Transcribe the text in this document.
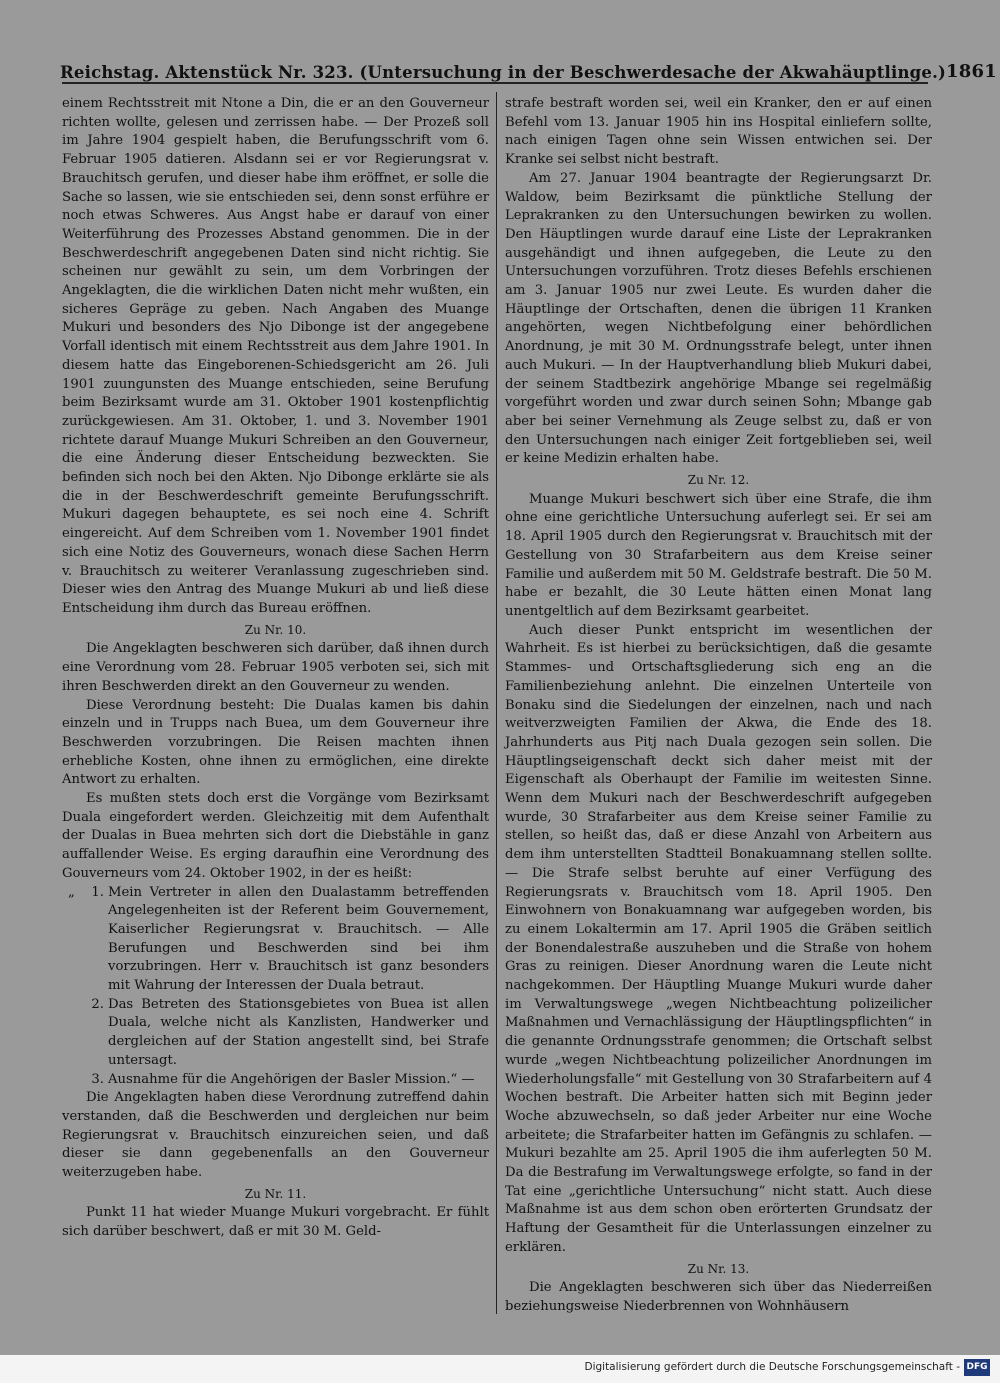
Reichstag. Aktenstück Nr. 323. (Untersuchung in der Beschwerdesache der Akwahäuptlinge.) 1861

einem Rechtsstreit mit Ntone a Din, die er an den Gouverneur richten wollte, gelesen und zerrissen habe. — Der Prozeß soll im Jahre 1904 gespielt haben, die Berufungsschrift vom 6. Februar 1905 datieren. Alsdann sei er vor Regierungsrat v. Brauchitsch gerufen, und dieser habe ihm eröffnet, er solle die Sache so lassen, wie sie entschieden sei, denn sonst erführe er noch etwas Schweres. Aus Angst habe er darauf von einer Weiterführung des Prozesses Abstand genommen. Die in der Beschwerdeschrift angegebenen Daten sind nicht richtig. Sie scheinen nur gewählt zu sein, um dem Vorbringen der Angeklagten, die die wirklichen Daten nicht mehr wußten, ein sicheres Gepräge zu geben. Nach Angaben des Muange Mukuri und besonders des Njo Dibonge ist der angegebene Vorfall identisch mit einem Rechtsstreit aus dem Jahre 1901. In diesem hatte das Eingeborenen-Schiedsgericht am 26. Juli 1901 zuungunsten des Muange entschieden, seine Berufung beim Bezirksamt wurde am 31. Oktober 1901 kostenpflichtig zurückgewiesen. Am 31. Oktober, 1. und 3. November 1901 richtete darauf Muange Mukuri Schreiben an den Gouverneur, die eine Änderung dieser Entscheidung bezweckten. Sie befinden sich noch bei den Akten. Njo Dibonge erklärte sie als die in der Beschwerdeschrift gemeinte Berufungsschrift. Mukuri dagegen behauptete, es sei noch eine 4. Schrift eingereicht. Auf dem Schreiben vom 1. November 1901 findet sich eine Notiz des Gouverneurs, wonach diese Sachen Herrn v. Brauchitsch zu weiterer Veranlassung zugeschrieben sind. Dieser wies den Antrag des Muange Mukuri ab und ließ diese Entscheidung ihm durch das Bureau eröffnen.

Zu Nr. 10.

Die Angeklagten beschweren sich darüber, daß ihnen durch eine Verordnung vom 28. Februar 1905 verboten sei, sich mit ihren Beschwerden direkt an den Gouverneur zu wenden.

Diese Verordnung besteht: Die Dualas kamen bis dahin einzeln und in Trupps nach Buea, um dem Gouverneur ihre Beschwerden vorzubringen. Die Reisen machten ihnen erhebliche Kosten, ohne ihnen zu ermöglichen, eine direkte Antwort zu erhalten.

Es mußten stets doch erst die Vorgänge vom Bezirksamt Duala eingefordert werden. Gleichzeitig mit dem Aufenthalt der Dualas in Buea mehrten sich dort die Diebstähle in ganz auffallender Weise. Es erging daraufhin eine Verordnung des Gouverneurs vom 24. Oktober 1902, in der es heißt:

„	1. Mein Vertreter in allen den Dualastamm betreffenden Angelegenheiten ist der Referent beim Gouvernement, Kaiserlicher Regierungsrat v. Brauchitsch. — Alle Berufungen und Beschwerden sind bei ihm vorzubringen. Herr v. Brauchitsch ist ganz besonders mit Wahrung der Interessen der Duala betraut.
2. Das Betreten des Stationsgebietes von Buea ist allen Duala, welche nicht als Kanzlisten, Handwerker und dergleichen auf der Station angestellt sind, bei Strafe untersagt.
3. Ausnahme für die Angehörigen der Basler Mission.“ —

Die Angeklagten haben diese Verordnung zutreffend dahin verstanden, daß die Beschwerden und dergleichen nur beim Regierungsrat v. Brauchitsch einzureichen seien, und daß dieser sie dann gegebenenfalls an den Gouverneur weiterzugeben habe.

Zu Nr. 11.

Punkt 11 hat wieder Muange Mukuri vorgebracht. Er fühlt sich darüber beschwert, daß er mit 30 M. Geld-

strafe bestraft worden sei, weil ein Kranker, den er auf einen Befehl vom 13. Januar 1905 hin ins Hospital einliefern sollte, nach einigen Tagen ohne sein Wissen entwichen sei. Der Kranke sei selbst nicht bestraft.

Am 27. Januar 1904 beantragte der Regierungsarzt Dr. Waldow, beim Bezirksamt die pünktliche Stellung der Leprakranken zu den Untersuchungen bewirken zu wollen. Den Häuptlingen wurde darauf eine Liste der Leprakranken ausgehändigt und ihnen aufgegeben, die Leute zu den Untersuchungen vorzuführen. Trotz dieses Befehls erschienen am 3. Januar 1905 nur zwei Leute. Es wurden daher die Häuptlinge der Ortschaften, denen die übrigen 11 Kranken angehörten, wegen Nichtbefolgung einer behördlichen Anordnung, je mit 30 M. Ordnungsstrafe belegt, unter ihnen auch Mukuri. — In der Hauptverhandlung blieb Mukuri dabei, der seinem Stadtbezirk angehörige Mbange sei regelmäßig vorgeführt worden und zwar durch seinen Sohn; Mbange gab aber bei seiner Vernehmung als Zeuge selbst zu, daß er von den Untersuchungen nach einiger Zeit fortgeblieben sei, weil er keine Medizin erhalten habe.

Zu Nr. 12.

Muange Mukuri beschwert sich über eine Strafe, die ihm ohne eine gerichtliche Untersuchung auferlegt sei. Er sei am 18. April 1905 durch den Regierungsrat v. Brauchitsch mit der Gestellung von 30 Strafarbeitern aus dem Kreise seiner Familie und außerdem mit 50 M. Geldstrafe bestraft. Die 50 M. habe er bezahlt, die 30 Leute hätten einen Monat lang unentgeltlich auf dem Bezirksamt gearbeitet.

Auch dieser Punkt entspricht im wesentlichen der Wahrheit. Es ist hierbei zu berücksichtigen, daß die gesamte Stammes- und Ortschaftsgliederung sich eng an die Familienbeziehung anlehnt. Die einzelnen Unterteile von Bonaku sind die Siedelungen der einzelnen, nach und nach weitverzweigten Familien der Akwa, die Ende des 18. Jahrhunderts aus Pitj nach Duala gezogen sein sollen. Die Häuptlingseigenschaft deckt sich daher meist mit der Eigenschaft als Oberhaupt der Familie im weitesten Sinne. Wenn dem Mukuri nach der Beschwerdeschrift aufgegeben wurde, 30 Strafarbeiter aus dem Kreise seiner Familie zu stellen, so heißt das, daß er diese Anzahl von Arbeitern aus dem ihm unterstellten Stadtteil Bonakuamnang stellen sollte. — Die Strafe selbst beruhte auf einer Verfügung des Regierungsrats v. Brauchitsch vom 18. April 1905. Den Einwohnern von Bonakuamnang war aufgegeben worden, bis zu einem Lokaltermin am 17. April 1905 die Gräben seitlich der Bonendalestraße auszuheben und die Straße von hohem Gras zu reinigen. Dieser Anordnung waren die Leute nicht nachgekommen. Der Häuptling Muange Mukuri wurde daher im Verwaltungswege „wegen Nichtbeachtung polizeilicher Maßnahmen und Vernachlässigung der Häuptlingspflichten“ in die genannte Ordnungsstrafe genommen; die Ortschaft selbst wurde „wegen Nichtbeachtung polizeilicher Anordnungen im Wiederholungsfalle“ mit Gestellung von 30 Strafarbeitern auf 4 Wochen bestraft. Die Arbeiter hatten sich mit Beginn jeder Woche abzuwechseln, so daß jeder Arbeiter nur eine Woche arbeitete; die Strafarbeiter hatten im Gefängnis zu schlafen. — Mukuri bezahlte am 25. April 1905 die ihm auferlegten 50 M. Da die Bestrafung im Verwaltungswege erfolgte, so fand in der Tat eine „gerichtliche Untersuchung“ nicht statt. Auch diese Maßnahme ist aus dem schon oben erörterten Grundsatz der Haftung der Gesamtheit für die Unterlassungen einzelner zu erklären.

Zu Nr. 13.

Die Angeklagten beschweren sich über das Niederreißen beziehungsweise Niederbrennen von Wohnhäusern

Digitalisierung gefördert durch die Deutsche Forschungsgemeinschaft - DFG
